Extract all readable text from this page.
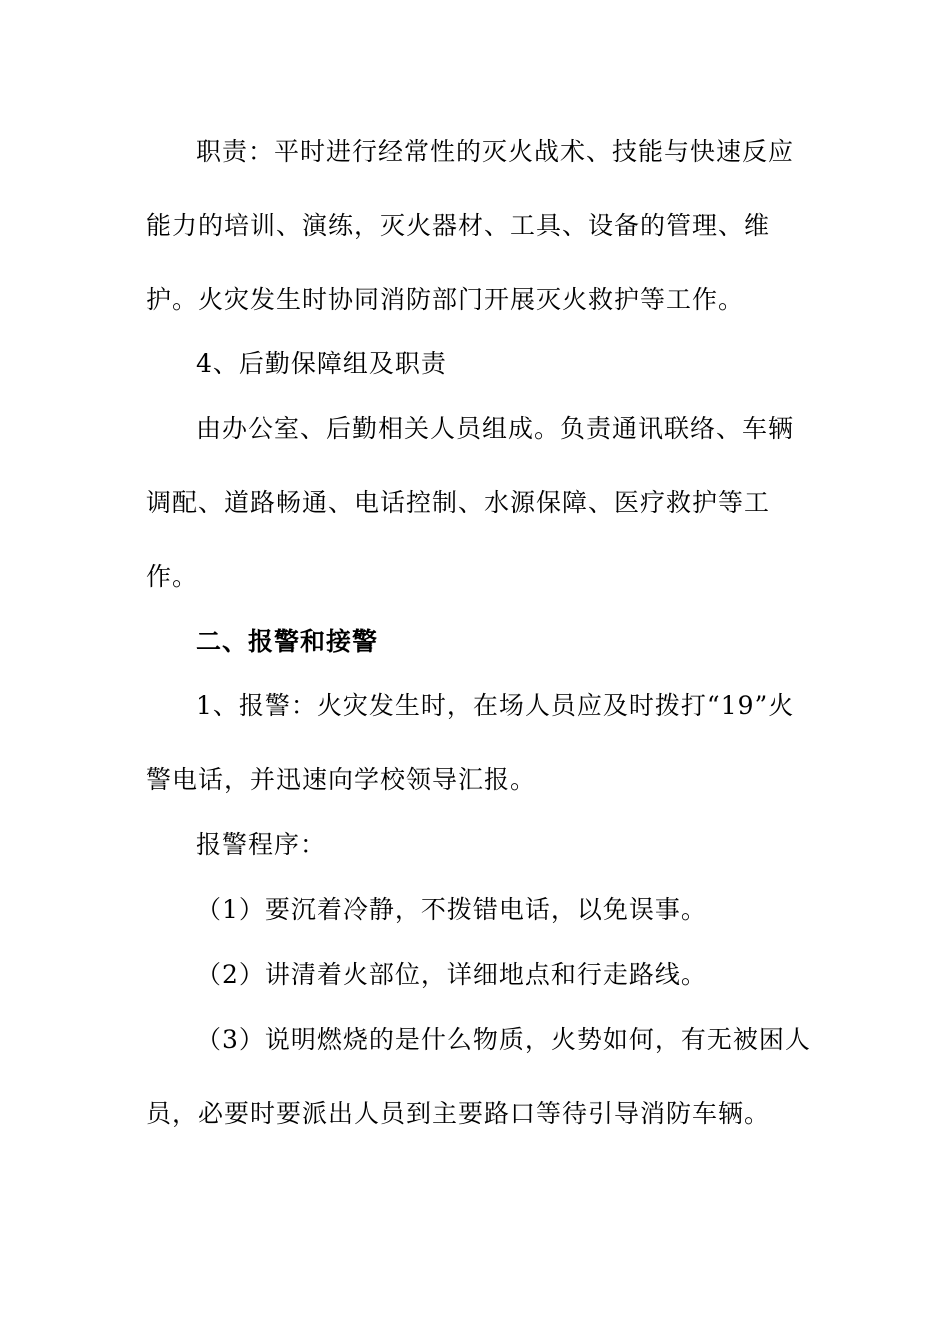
职责：平时进行经常性的灭火战术、技能与快速反应
能力的培训、演练，灭火器材、工具、设备的管理、维
护。火灾发生时协同消防部门开展灭火救护等工作。
4、后勤保障组及职责
由办公室、后勤相关人员组成。负责通讯联络、车辆
调配、道路畅通、电话控制、水源保障、医疗救护等工
作。
二、报警和接警
1、报警：火灾发生时，在场人员应及时拨打“19”火
警电话，并迅速向学校领导汇报。
报警程序：
（1）要沉着冷静，不拨错电话，以免误事。
（2）讲清着火部位，详细地点和行走路线。
（3）说明燃烧的是什么物质，火势如何，有无被困人
员，必要时要派出人员到主要路口等待引导消防车辆。
